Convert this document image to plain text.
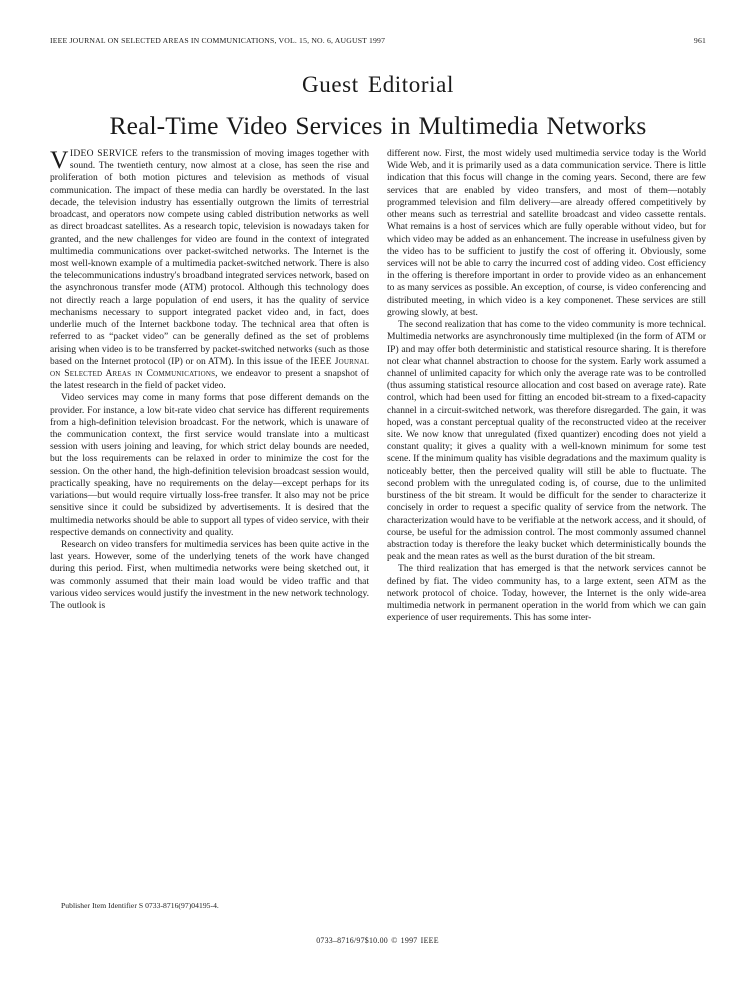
IEEE JOURNAL ON SELECTED AREAS IN COMMUNICATIONS, VOL. 15, NO. 6, AUGUST 1997	961
Guest Editorial
Real-Time Video Services in Multimedia Networks

VIDEO SERVICE refers to the transmission of moving images together with sound. The twentieth century, now almost at a close, has seen the rise and proliferation of both motion pictures and television as methods of visual communication. The impact of these media can hardly be overstated. In the last decade, the television industry has essentially outgrown the limits of terrestrial broadcast, and operators now compete using cabled distribution networks as well as direct broadcast satellites. As a research topic, television is nowadays taken for granted, and the new challenges for video are found in the context of integrated multimedia communications over packet-switched networks. The Internet is the most well-known example of a multimedia packet-switched network. There is also the telecommunications industry's broadband integrated services network, based on the asynchronous transfer mode (ATM) protocol. Although this technology does not directly reach a large population of end users, it has the quality of service mechanisms necessary to support integrated packet video and, in fact, does underlie much of the Internet backbone today. The technical area that often is referred to as “packet video” can be generally defined as the set of problems arising when video is to be transferred by packet-switched networks (such as those based on the Internet protocol (IP) or on ATM). In this issue of the IEEE Journal on Selected Areas in Communications, we endeavor to present a snapshot of the latest research in the field of packet video.

Video services may come in many forms that pose different demands on the provider. For instance, a low bit-rate video chat service has different requirements from a high-definition television broadcast. For the network, which is unaware of the communication context, the first service would translate into a multicast session with users joining and leaving, for which strict delay bounds are needed, but the loss requirements can be relaxed in order to minimize the cost for the session. On the other hand, the high-definition television broadcast session would, practically speaking, have no requirements on the delay—except perhaps for its variations—but would require virtually loss-free transfer. It also may not be price sensitive since it could be subsidized by advertisements. It is desired that the multimedia networks should be able to support all types of video service, with their respective demands on connectivity and quality.

Research on video transfers for multimedia services has been quite active in the last years. However, some of the underlying tenets of the work have changed during this period. First, when multimedia networks were being sketched out, it was commonly assumed that their main load would be video traffic and that various video services would justify the investment in the new network technology. The outlook is

different now. First, the most widely used multimedia service today is the World Wide Web, and it is primarily used as a data communication service. There is little indication that this focus will change in the coming years. Second, there are few services that are enabled by video transfers, and most of them—notably programmed television and film delivery—are already offered competitively by other means such as terrestrial and satellite broadcast and video cassette rentals. What remains is a host of services which are fully operable without video, but for which video may be added as an enhancement. The increase in usefulness given by the video has to be sufficient to justify the cost of offering it. Obviously, some services will not be able to carry the incurred cost of adding video. Cost efficiency in the offering is therefore important in order to provide video as an enhancement to as many services as possible. An exception, of course, is video conferencing and distributed meeting, in which video is a key componenet. These services are still growing slowly, at best.

The second realization that has come to the video community is more technical. Multimedia networks are asynchronously time multiplexed (in the form of ATM or IP) and may offer both deterministic and statistical resource sharing. It is therefore not clear what channel abstraction to choose for the system. Early work assumed a channel of unlimited capacity for which only the average rate was to be controlled (thus assuming statistical resource allocation and cost based on average rate). Rate control, which had been used for fitting an encoded bit-stream to a fixed-capacity channel in a circuit-switched network, was therefore disregarded. The gain, it was hoped, was a constant perceptual quality of the reconstructed video at the receiver site. We now know that unregulated (fixed quantizer) encoding does not yield a constant quality; it gives a quality with a well-known minimum for some test scene. If the minimum quality has visible degradations and the maximum quality is noticeably better, then the perceived quality will still be able to fluctuate. The second problem with the unregulated coding is, of course, due to the unlimited burstiness of the bit stream. It would be difficult for the sender to characterize it concisely in order to request a specific quality of service from the network. The characterization would have to be verifiable at the network access, and it should, of course, be useful for the admission control. The most commonly assumed channel abstraction today is therefore the leaky bucket which deterministically bounds the peak and the mean rates as well as the burst duration of the bit stream.

The third realization that has emerged is that the network services cannot be defined by fiat. The video community has, to a large extent, seen ATM as the network protocol of choice. Today, however, the Internet is the only wide-area multimedia network in permanent operation in the world from which we can gain experience of user requirements. This has some inter-

Publisher Item Identifier S 0733-8716(97)04195-4.
0733–8716/97$10.00 © 1997 IEEE
